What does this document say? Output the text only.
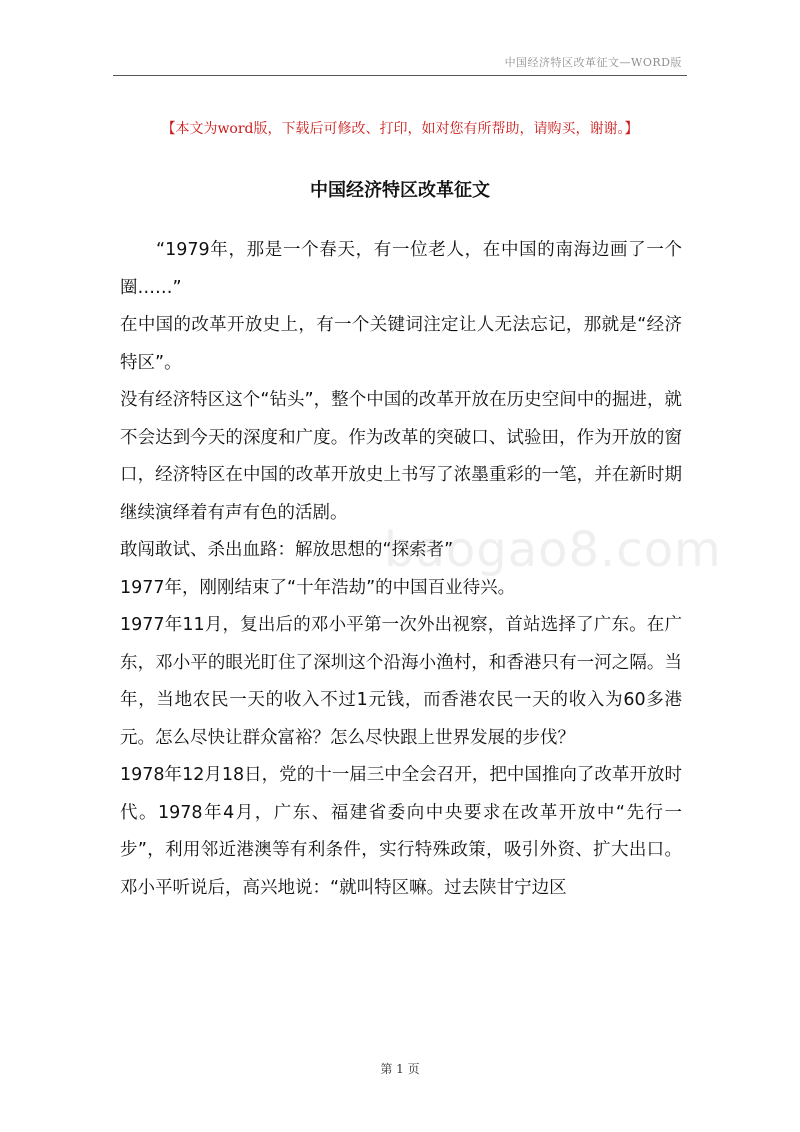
中国经济特区改革征文—WORD版
【本文为word版，下载后可修改、打印，如对您有所帮助，请购买，谢谢。】
中国经济特区改革征文

“1979年，那是一个春天，有一位老人，在中国的南海边画了一个圈……”

在中国的改革开放史上，有一个关键词注定让人无法忘记，那就是“经济特区”。

没有经济特区这个“钻头”，整个中国的改革开放在历史空间中的掘进，就不会达到今天的深度和广度。作为改革的突破口、试验田，作为开放的窗口，经济特区在中国的改革开放史上书写了浓墨重彩的一笔，并在新时期继续演绎着有声有色的活剧。

敢闯敢试、杀出血路：解放思想的“探索者”

1977年，刚刚结束了“十年浩劫”的中国百业待兴。

1977年11月，复出后的邓小平第一次外出视察，首站选择了广东。在广东，邓小平的眼光盯住了深圳这个沿海小渔村，和香港只有一河之隔。当年，当地农民一天的收入不过1元钱，而香港农民一天的收入为60多港元。怎么尽快让群众富裕？怎么尽快跟上世界发展的步伐？

1978年12月18日，党的十一届三中全会召开，把中国推向了改革开放时代。1978年4月，广东、福建省委向中央要求在改革开放中“先行一步”，利用邻近港澳等有利条件，实行特殊政策，吸引外资、扩大出口。邓小平听说后，高兴地说：“就叫特区嘛。过去陕甘宁边区

baogao8.com
第 1 页
